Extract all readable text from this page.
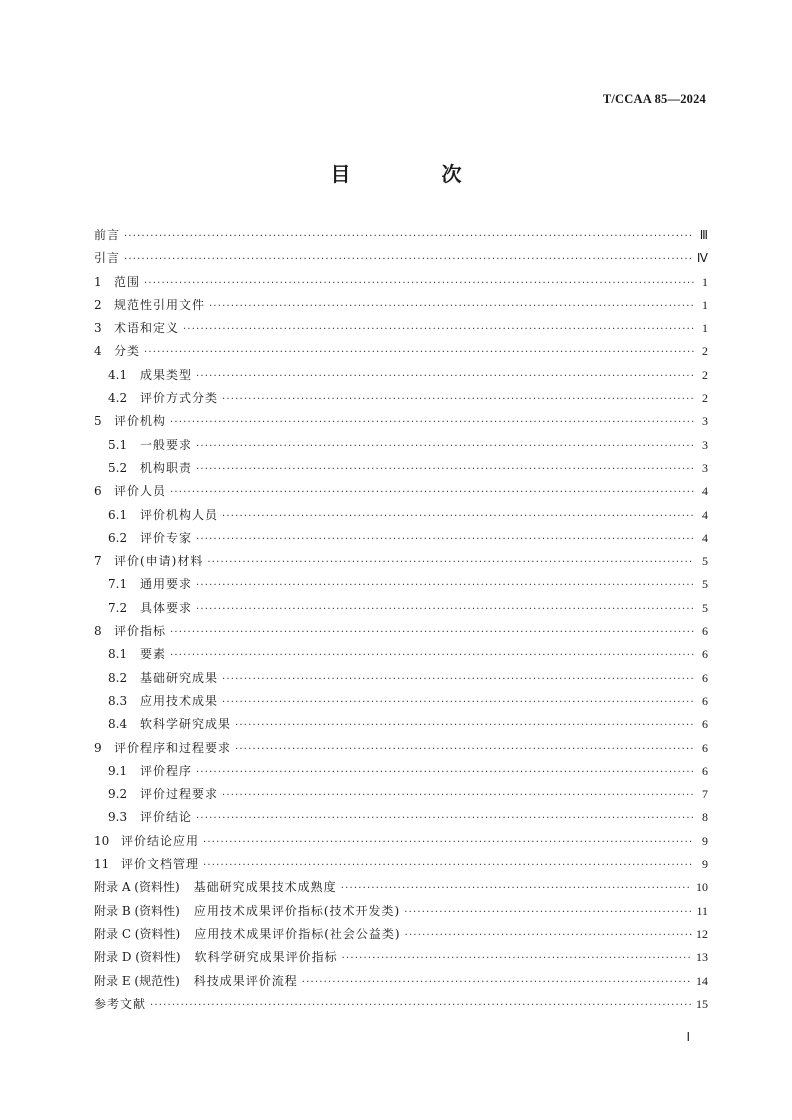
T/CCAA 85—2024
目 次
前言 ·····	Ⅲ
引言 ·····	Ⅳ
1	范围 ·····	1
2	规范性引用文件 ·····	1
3	术语和定义 ·····	1
4	分类 ·····	2
4.1	成果类型 ·····	2
4.2	评价方式分类 ·····	2
5	评价机构 ·····	3
5.1	一般要求 ·····	3
5.2	机构职责 ·····	3
6	评价人员 ·····	4
6.1	评价机构人员 ·····	4
6.2	评价专家 ·····	4
7	评价(申请)材料 ·····	5
7.1	通用要求 ·····	5
7.2	具体要求 ·····	5
8	评价指标 ·····	6
8.1	要素 ·····	6
8.2	基础研究成果 ·····	6
8.3	应用技术成果 ·····	6
8.4	软科学研究成果 ·····	6
9	评价程序和过程要求 ·····	6
9.1	评价程序 ·····	6
9.2	评价过程要求 ·····	7
9.3	评价结论 ·····	8
10 评价结论应用 ·····	9
11 评价文档管理 ·····	9
附录 A (资料性) 基础研究成果技术成熟度 ·····	10
附录 B (资料性) 应用技术成果评价指标(技术开发类) ·····	11
附录 C (资料性) 应用技术成果评价指标(社会公益类) ·····	12
附录 D (资料性) 软科学研究成果评价指标 ·····	13
附录 E (规范性) 科技成果评价流程 ·····	14
参考文献 ·····	15
Ⅰ
